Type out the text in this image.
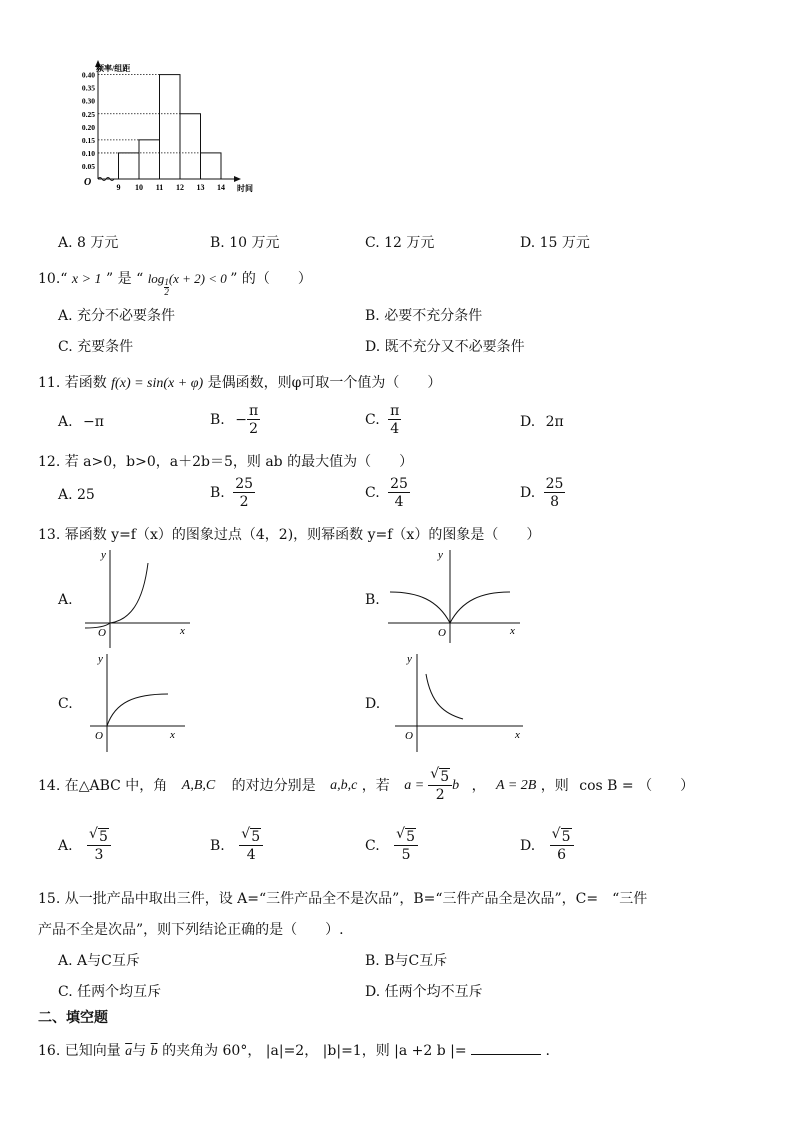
0.40
0.35
0.30
0.25
0.20
0.15
0.10
0.05
9 10 11 12 13 14
频率/组距
时间
O
A. 8 万元	B. 10 万元	C. 12 万元	D. 15 万元
10.“ x > 1 ” 是 “ $\log \frac{1}{2} (x + 2) < 0$ ” 的（　　）
A. 充分不必要条件	B. 必要不充分条件
C. 充要条件	D. 既不充分又不必要条件
11. 若函数 f(x) = sin(x + φ) 是偶函数，则φ可取一个值为（　　）
A. −π	B. − $\frac{\pi}{2}$	C. $\frac{\pi}{4}$	D. 2π
12. 若 a>0，b>0，a＋2b＝5，则 ab 的最大值为（　　）
A. 25	B. $\frac{25}{2}$	C. $\frac{25}{4}$	D. $\frac{25}{8}$
13. 幂函数 y=f（x）的图象过点（4，2)，则幂函数 y=f（x）的图象是（　　）
A.	B.
C.	D.
y
x
O
y
x
O
y
x
O
y
x
O
14. 在△ABC 中，角 A,B,C 的对边分别是 a,b,c ，若 $a = \frac{√ 5}{2}$ b ， A = 2B ，则 cos B = （　　）
A. $\frac{√ 5}{3}$	B. $\frac{√ 5}{4}$	C. $\frac{√ 5}{5}$	D. $\frac{√ 5}{6}$
15. 从一批产品中取出三件，设 A=“三件产品全不是次品”，B=“三件产品全是次品”，C=　“三件
产品不全是次品”，则下列结论正确的是（　　）.
A. A与C互斥	B. B与C互斥
C. 任两个均互斥	D. 任两个均不互斥
二、填空题
16. 已知向量 $\overline{a}$与 $\overline{b}$ 的夹角为 60°， |a|=2， |b|=1，则 |a +2 b |=	.
